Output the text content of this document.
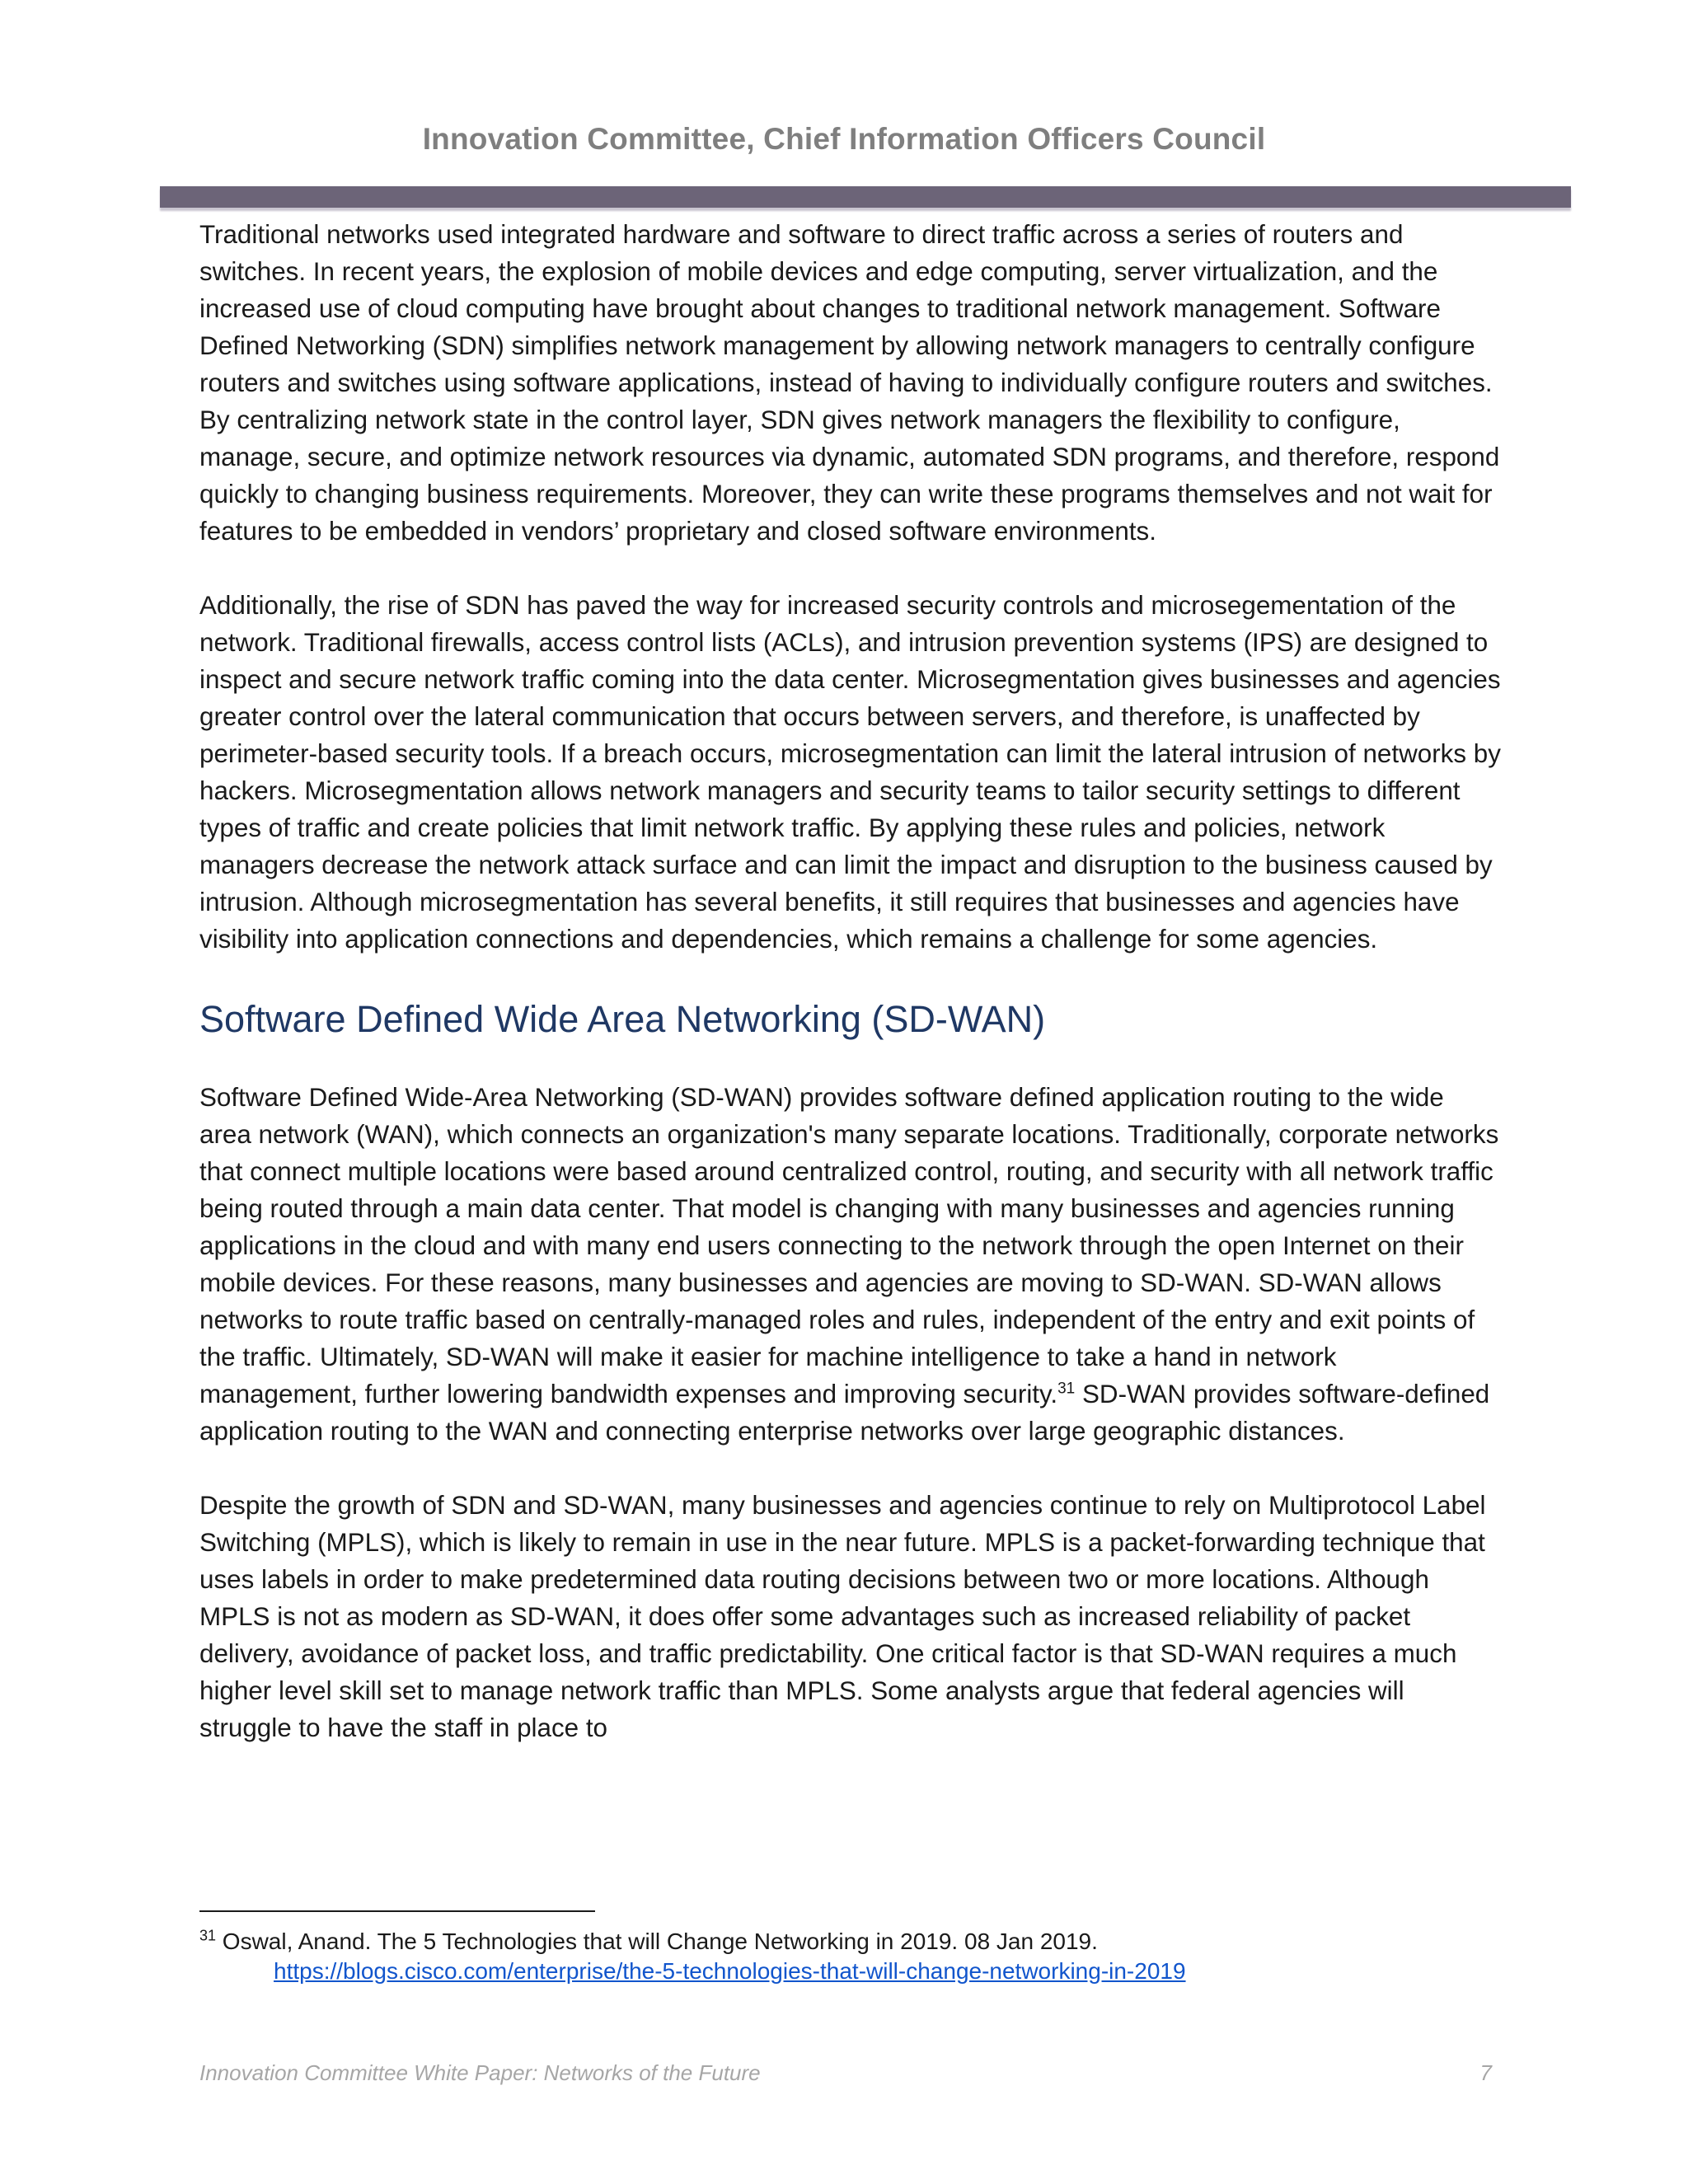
Innovation Committee, Chief Information Officers Council

Traditional networks used integrated hardware and software to direct traffic across a series of routers and switches. In recent years, the explosion of mobile devices and edge computing, server virtualization, and the increased use of cloud computing have brought about changes to traditional network management. Software Defined Networking (SDN) simplifies network management by allowing network managers to centrally configure routers and switches using software applications, instead of having to individually configure routers and switches. By centralizing network state in the control layer, SDN gives network managers the flexibility to configure, manage, secure, and optimize network resources via dynamic, automated SDN programs, and therefore, respond quickly to changing business requirements. Moreover, they can write these programs themselves and not wait for features to be embedded in vendors’ proprietary and closed software environments.

Additionally, the rise of SDN has paved the way for increased security controls and microsegementation of the network. Traditional firewalls, access control lists (ACLs), and intrusion prevention systems (IPS) are designed to inspect and secure network traffic coming into the data center. Microsegmentation gives businesses and agencies greater control over the lateral communication that occurs between servers, and therefore, is unaffected by perimeter-based security tools. If a breach occurs, microsegmentation can limit the lateral intrusion of networks by hackers. Microsegmentation allows network managers and security teams to tailor security settings to different types of traffic and create policies that limit network traffic. By applying these rules and policies, network managers decrease the network attack surface and can limit the impact and disruption to the business caused by intrusion. Although microsegmentation has several benefits, it still requires that businesses and agencies have visibility into application connections and dependencies, which remains a challenge for some agencies.

Software Defined Wide Area Networking (SD-WAN)

Software Defined Wide-Area Networking (SD-WAN) provides software defined application routing to the wide area network (WAN), which connects an organization's many separate locations. Traditionally, corporate networks that connect multiple locations were based around centralized control, routing, and security with all network traffic being routed through a main data center. That model is changing with many businesses and agencies running applications in the cloud and with many end users connecting to the network through the open Internet on their mobile devices. For these reasons, many businesses and agencies are moving to SD-WAN. SD-WAN allows networks to route traffic based on centrally-managed roles and rules, independent of the entry and exit points of the traffic. Ultimately, SD-WAN will make it easier for machine intelligence to take a hand in network management, further lowering bandwidth expenses and improving security.$^{31}$ SD-WAN provides software-defined application routing to the WAN and connecting enterprise networks over large geographic distances.

Despite the growth of SDN and SD-WAN, many businesses and agencies continue to rely on Multiprotocol Label Switching (MPLS), which is likely to remain in use in the near future. MPLS is a packet-forwarding technique that uses labels in order to make predetermined data routing decisions between two or more locations. Although MPLS is not as modern as SD-WAN, it does offer some advantages such as increased reliability of packet delivery, avoidance of packet loss, and traffic predictability. One critical factor is that SD-WAN requires a much higher level skill set to manage network traffic than MPLS. Some analysts argue that federal agencies will struggle to have the staff in place to

$^{31}$ Oswal, Anand. The 5 Technologies that will Change Networking in 2019. 08 Jan 2019.
https://blogs.cisco.com/enterprise/the-5-technologies-that-will-change-networking-in-2019
Innovation Committee White Paper: Networks of the Future	7
